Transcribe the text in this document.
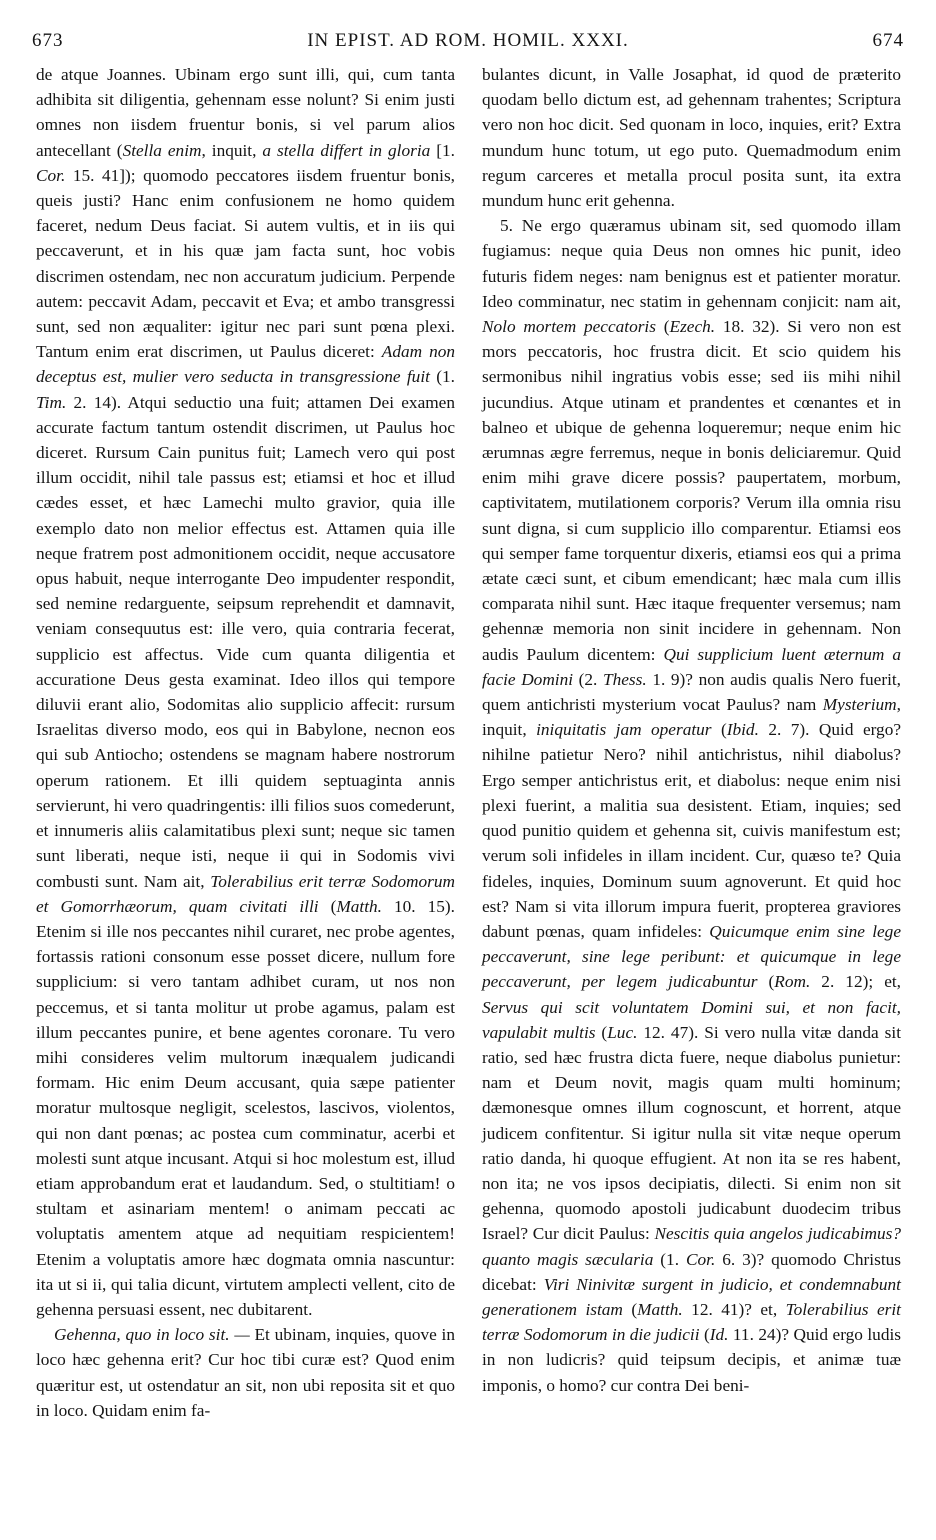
673	IN EPIST. AD ROM. HOMIL. XXXI.	674

de atque Joannes. Ubinam ergo sunt illi, qui, cum tanta adhibita sit diligentia, gehennam esse nolunt? Si enim justi omnes non iisdem fruentur bonis, si vel parum alios antecellant (Stella enim, inquit, a stella differt in gloria [1. Cor. 15. 41]); quomodo peccatores iisdem fruentur bonis, queis justi? Hanc enim confusionem ne homo quidem faceret, nedum Deus faciat. Si autem vultis, et in iis qui peccaverunt, et in his quæ jam facta sunt, hoc vobis discrimen ostendam, nec non accuratum judicium. Perpende autem: peccavit Adam, peccavit et Eva; et ambo transgressi sunt, sed non æqualiter: igitur nec pari sunt pœna plexi. Tantum enim erat discrimen, ut Paulus diceret: Adam non deceptus est, mulier vero seducta in transgressione fuit (1. Tim. 2. 14). Atqui seductio una fuit; attamen Dei examen accurate factum tantum ostendit discrimen, ut Paulus hoc diceret. Rursum Cain punitus fuit; Lamech vero qui post illum occidit, nihil tale passus est; etiamsi et hoc et illud cædes esset, et hæc Lamechi multo gravior, quia ille exemplo dato non melior effectus est. Attamen quia ille neque fratrem post admonitionem occidit, neque accusatore opus habuit, neque interrogante Deo impudenter respondit, sed nemine redarguente, seipsum reprehendit et damnavit, veniam consequutus est: ille vero, quia contraria fecerat, supplicio est affectus. Vide cum quanta diligentia et accuratione Deus gesta examinat. Ideo illos qui tempore diluvii erant alio, Sodomitas alio supplicio affecit: rursum Israelitas diverso modo, eos qui in Babylone, necnon eos qui sub Antiocho; ostendens se magnam habere nostrorum operum rationem. Et illi quidem septuaginta annis servierunt, hi vero quadringentis: illi filios suos comederunt, et innumeris aliis calamitatibus plexi sunt; neque sic tamen sunt liberati, neque isti, neque ii qui in Sodomis vivi combusti sunt. Nam ait, Tolerabilius erit terræ Sodomorum et Gomorrhæorum, quam civitati illi (Matth. 10. 15). Etenim si ille nos peccantes nihil curaret, nec probe agentes, fortassis rationi consonum esse posset dicere, nullum fore supplicium: si vero tantam adhibet curam, ut nos non peccemus, et si tanta molitur ut probe agamus, palam est illum peccantes punire, et bene agentes coronare. Tu vero mihi consideres velim multorum inæqualem judicandi formam. Hic enim Deum accusant, quia sæpe patienter moratur multosque negligit, scelestos, lascivos, violentos, qui non dant pœnas; ac postea cum comminatur, acerbi et molesti sunt atque incusant. Atqui si hoc molestum est, illud etiam approbandum erat et laudandum. Sed, o stultitiam! o stultam et asinariam mentem! o animam peccati ac voluptatis amentem atque ad nequitiam respicientem! Etenim a voluptatis amore hæc dogmata omnia nascuntur: ita ut si ii, qui talia dicunt, virtutem amplecti vellent, cito de gehenna persuasi essent, nec dubitarent.

Gehenna, quo in loco sit. — Et ubinam, inquies, quove in loco hæc gehenna erit? Cur hoc tibi curæ est? Quod enim quæritur est, ut ostendatur an sit, non ubi reposita sit et quo in loco. Quidam enim fa-

bulantes dicunt, in Valle Josaphat, id quod de præterito quodam bello dictum est, ad gehennam trahentes; Scriptura vero non hoc dicit. Sed quonam in loco, inquies, erit? Extra mundum hunc totum, ut ego puto. Quemadmodum enim regum carceres et metalla procul posita sunt, ita extra mundum hunc erit gehenna.

5. Ne ergo quæramus ubinam sit, sed quomodo illam fugiamus: neque quia Deus non omnes hic punit, ideo futuris fidem neges: nam benignus est et patienter moratur. Ideo comminatur, nec statim in gehennam conjicit: nam ait, Nolo mortem peccatoris (Ezech. 18. 32). Si vero non est mors peccatoris, hoc frustra dicit. Et scio quidem his sermonibus nihil ingratius vobis esse; sed iis mihi nihil jucundius. Atque utinam et prandentes et cœnantes et in balneo et ubique de gehenna loqueremur; neque enim hic ærumnas ægre ferremus, neque in bonis deliciaremur. Quid enim mihi grave dicere possis? paupertatem, morbum, captivitatem, mutilationem corporis? Verum illa omnia risu sunt digna, si cum supplicio illo comparentur. Etiamsi eos qui semper fame torquentur dixeris, etiamsi eos qui a prima ætate cæci sunt, et cibum emendicant; hæc mala cum illis comparata nihil sunt. Hæc itaque frequenter versemus; nam gehennæ memoria non sinit incidere in gehennam. Non audis Paulum dicentem: Qui supplicium luent æternum a facie Domini (2. Thess. 1. 9)? non audis qualis Nero fuerit, quem antichristi mysterium vocat Paulus? nam Mysterium, inquit, iniquitatis jam operatur (Ibid. 2. 7). Quid ergo? nihilne patietur Nero? nihil antichristus, nihil diabolus? Ergo semper antichristus erit, et diabolus: neque enim nisi plexi fuerint, a malitia sua desistent. Etiam, inquies; sed quod punitio quidem et gehenna sit, cuivis manifestum est; verum soli infideles in illam incident. Cur, quæso te? Quia fideles, inquies, Dominum suum agnoverunt. Et quid hoc est? Nam si vita illorum impura fuerit, propterea graviores dabunt pœnas, quam infideles: Quicumque enim sine lege peccaverunt, sine lege peribunt: et quicumque in lege peccaverunt, per legem judicabuntur (Rom. 2. 12); et, Servus qui scit voluntatem Domini sui, et non facit, vapulabit multis (Luc. 12. 47). Si vero nulla vitæ danda sit ratio, sed hæc frustra dicta fuere, neque diabolus punietur: nam et Deum novit, magis quam multi hominum; dæmonesque omnes illum cognoscunt, et horrent, atque judicem confitentur. Si igitur nulla sit vitæ neque operum ratio danda, hi quoque effugient. At non ita se res habent, non ita; ne vos ipsos decipiatis, dilecti. Si enim non sit gehenna, quomodo apostoli judicabunt duodecim tribus Israel? Cur dicit Paulus: Nescitis quia angelos judicabimus? quanto magis sæcularia (1. Cor. 6. 3)? quomodo Christus dicebat: Viri Ninivitæ surgent in judicio, et condemnabunt generationem istam (Matth. 12. 41)? et, Tolerabilius erit terræ Sodomorum in die judicii (Id. 11. 24)? Quid ergo ludis in non ludicris? quid teipsum decipis, et animæ tuæ imponis, o homo? cur contra Dei beni-
